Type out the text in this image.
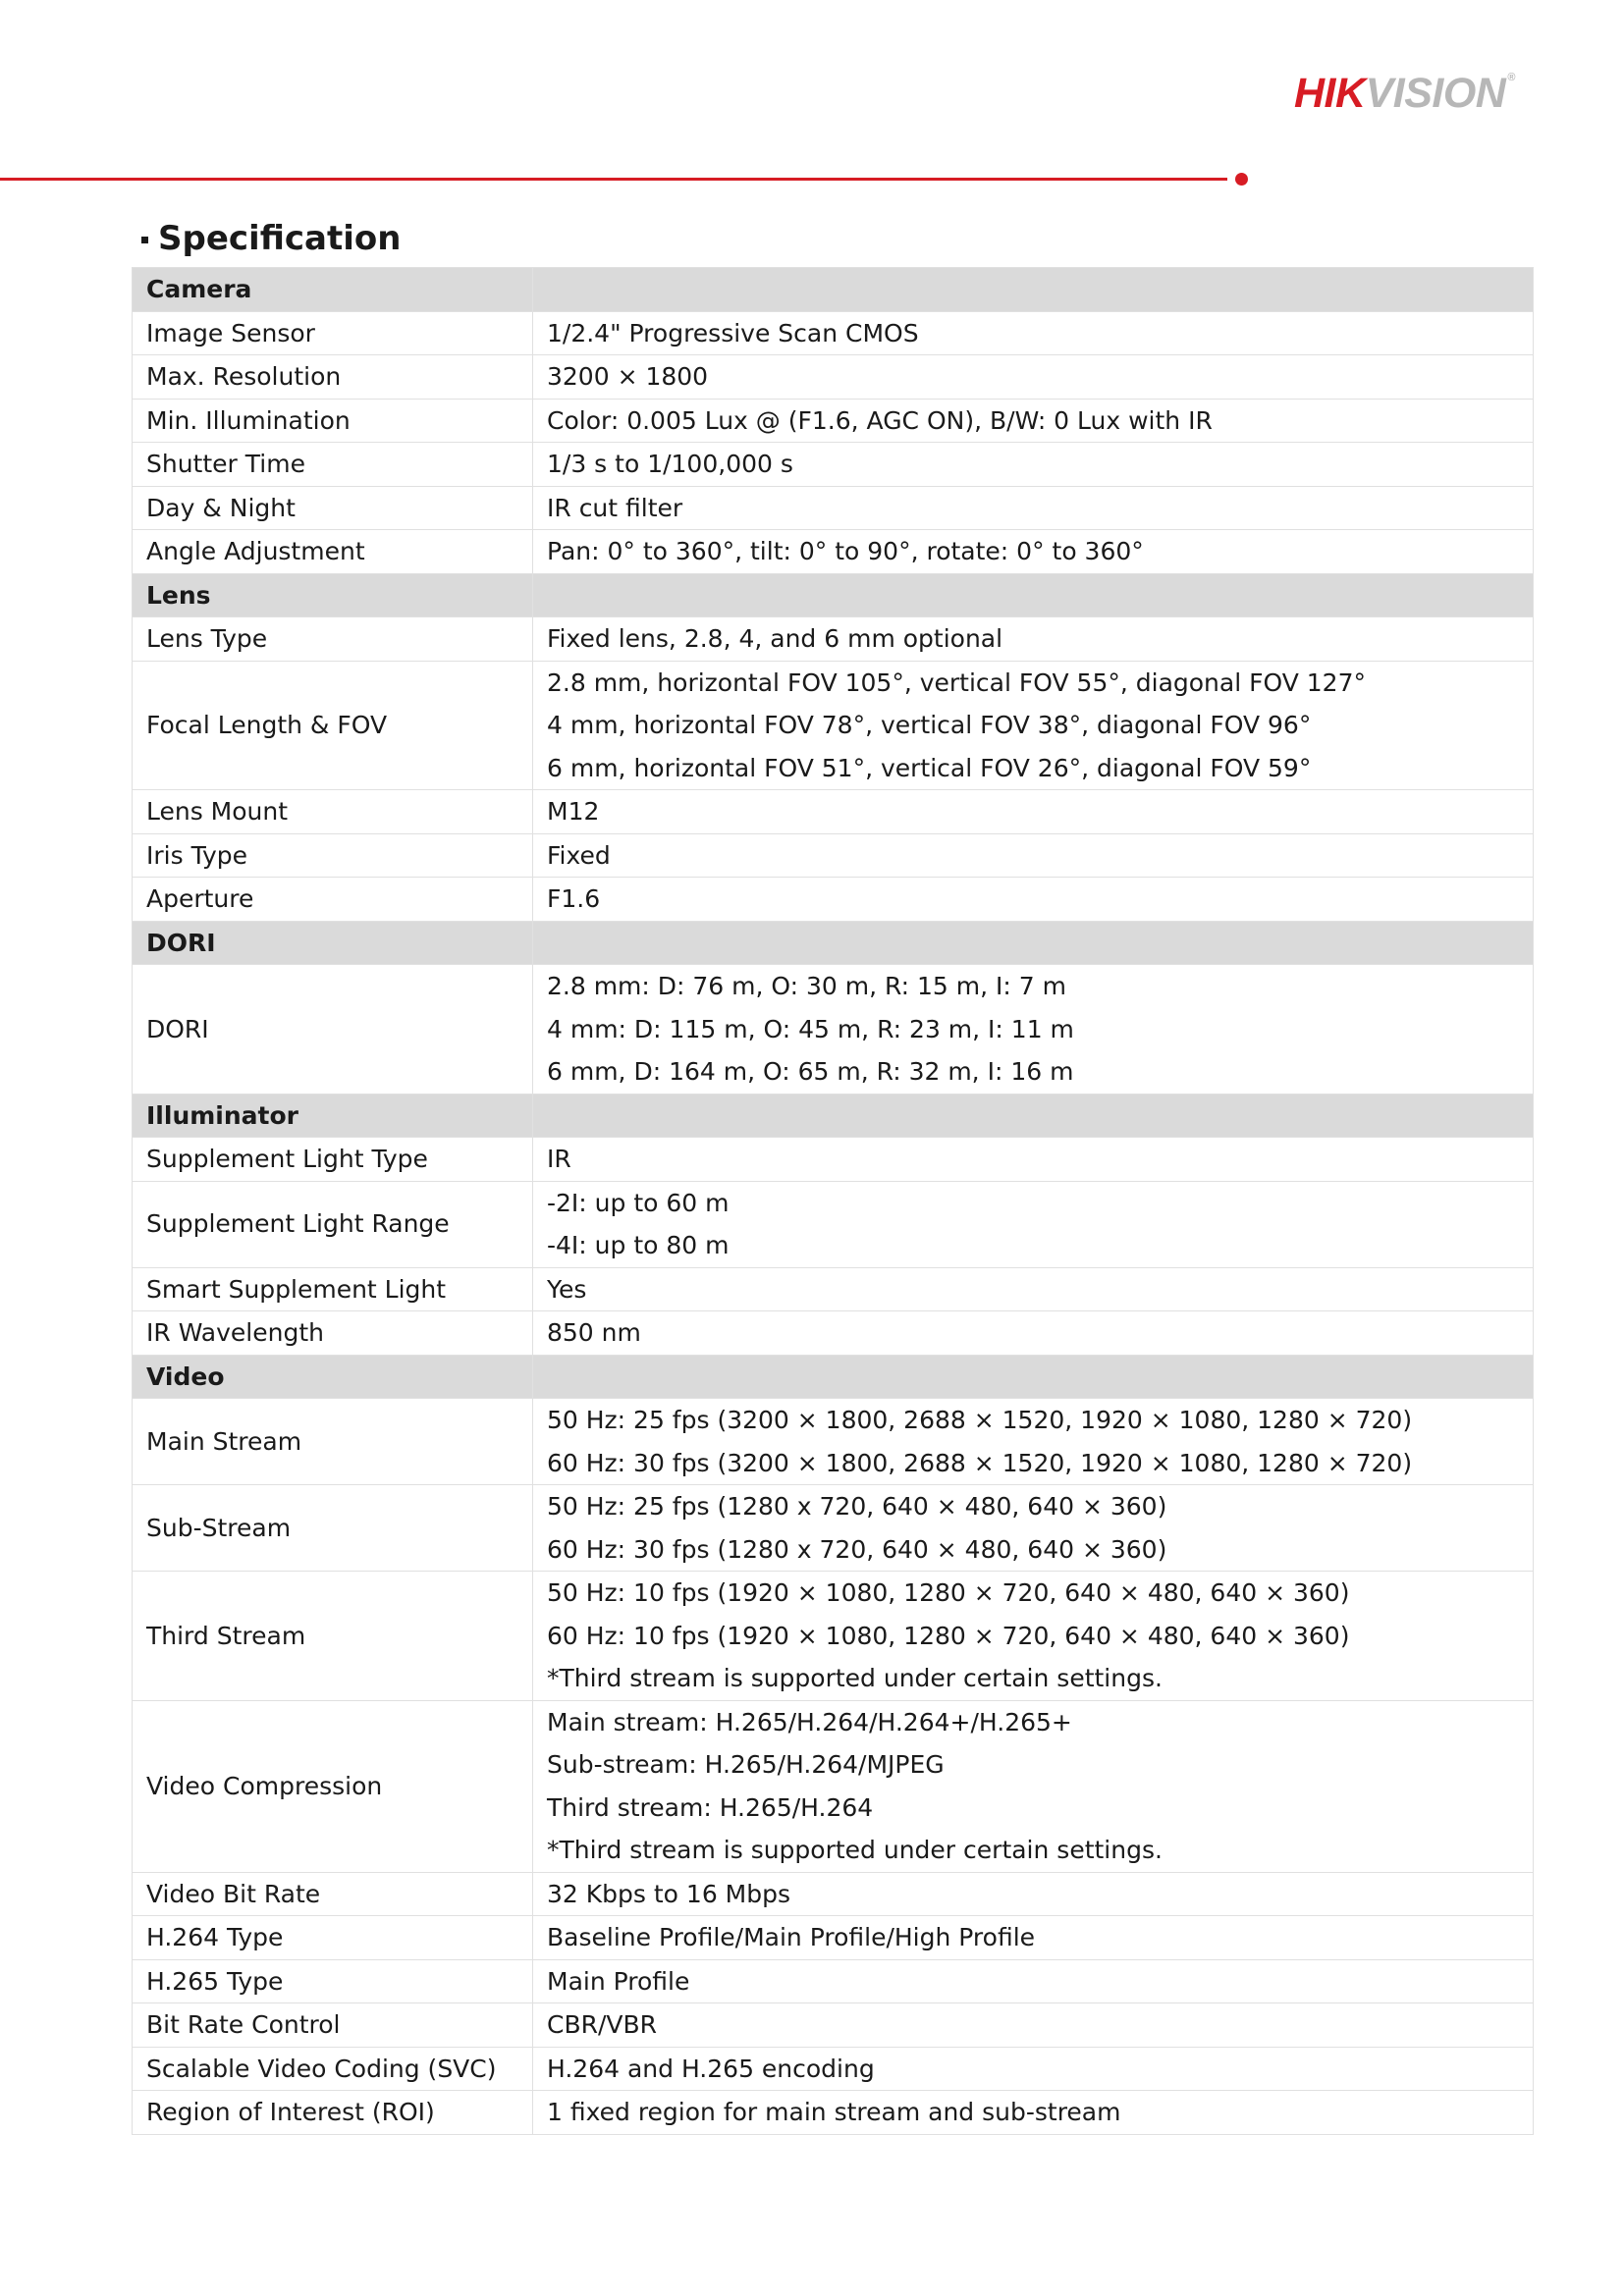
HIKVISION ®
Specification
Camera	
Image Sensor	1/2.4" Progressive Scan CMOS

Max. Resolution	3200 × 1800

Min. Illumination	Color: 0.005 Lux @ (F1.6, AGC ON), B/W: 0 Lux with IR

Shutter Time	1/3 s to 1/100,000 s

Day & Night	IR cut filter

Angle Adjustment	Pan: 0° to 360°, tilt: 0° to 90°, rotate: 0° to 360°

Lens	
Lens Type	Fixed lens, 2.8, 4, and 6 mm optional

Focal Length & FOV	2.8 mm, horizontal FOV 105°, vertical FOV 55°, diagonal FOV 127°
4 mm, horizontal FOV 78°, vertical FOV 38°, diagonal FOV 96°
6 mm, horizontal FOV 51°, vertical FOV 26°, diagonal FOV 59°

Lens Mount	M12

Iris Type	Fixed

Aperture	F1.6

DORI	
DORI	2.8 mm: D: 76 m, O: 30 m, R: 15 m, I: 7 m
4 mm: D: 115 m, O: 45 m, R: 23 m, I: 11 m
6 mm, D: 164 m, O: 65 m, R: 32 m, I: 16 m

Illuminator	
Supplement Light Type	IR

Supplement Light Range	-2I: up to 60 m
-4I: up to 80 m

Smart Supplement Light	Yes

IR Wavelength	850 nm

Video	
Main Stream	50 Hz: 25 fps (3200 × 1800, 2688 × 1520, 1920 × 1080, 1280 × 720)
60 Hz: 30 fps (3200 × 1800, 2688 × 1520, 1920 × 1080, 1280 × 720)

Sub-Stream	50 Hz: 25 fps (1280 x 720, 640 × 480, 640 × 360)
60 Hz: 30 fps (1280 x 720, 640 × 480, 640 × 360)

Third Stream	50 Hz: 10 fps (1920 × 1080, 1280 × 720, 640 × 480, 640 × 360)
60 Hz: 10 fps (1920 × 1080, 1280 × 720, 640 × 480, 640 × 360)
*Third stream is supported under certain settings.

Video Compression	Main stream: H.265/H.264/H.264+/H.265+
Sub-stream: H.265/H.264/MJPEG
Third stream: H.265/H.264
*Third stream is supported under certain settings.

Video Bit Rate	32 Kbps to 16 Mbps

H.264 Type	Baseline Profile/Main Profile/High Profile

H.265 Type	Main Profile

Bit Rate Control	CBR/VBR

Scalable Video Coding (SVC)	H.264 and H.265 encoding

Region of Interest (ROI)	1 fixed region for main stream and sub-stream
